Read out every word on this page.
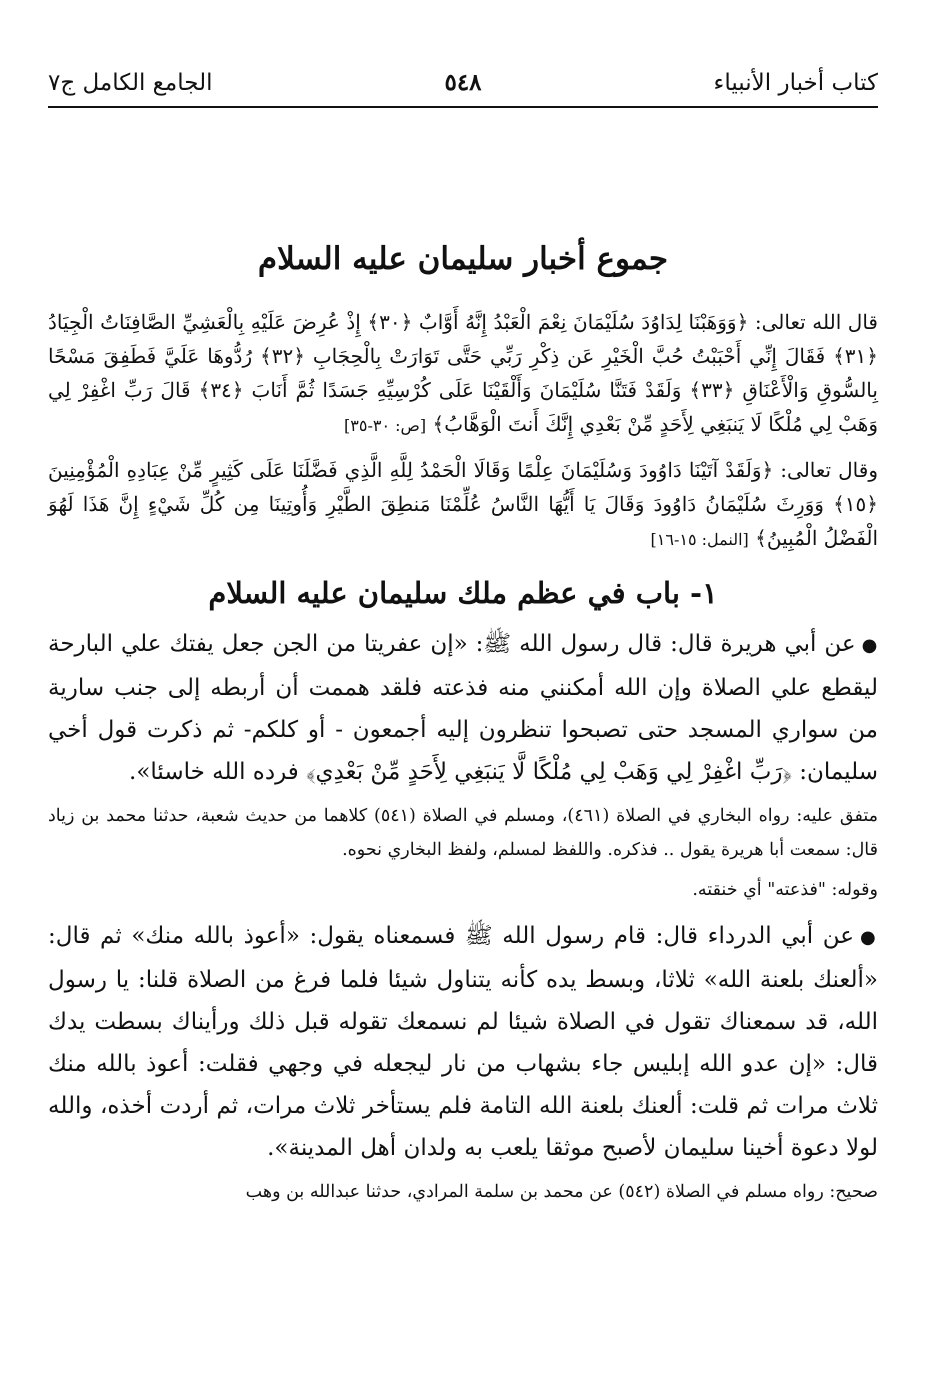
كتاب أخبار الأنبياء
٥٤٨
الجامع الكامل ج٧
جموع أخبار سليمان عليه السلام

قال الله تعالى: ﴿وَوَهَبْنَا لِدَاوُدَ سُلَيْمَانَ نِعْمَ الْعَبْدُ إِنَّهُ أَوَّابٌ ﴿٣٠﴾ إِذْ عُرِضَ عَلَيْهِ بِالْعَشِيِّ الصَّافِنَاتُ الْجِيَادُ ﴿٣١﴾ فَقَالَ إِنِّي أَحْبَبْتُ حُبَّ الْخَيْرِ عَن ذِكْرِ رَبِّي حَتَّى تَوَارَتْ بِالْحِجَابِ ﴿٣٢﴾ رُدُّوهَا عَلَيَّ فَطَفِقَ مَسْحًا بِالسُّوقِ وَالْأَعْنَاقِ ﴿٣٣﴾ وَلَقَدْ فَتَنَّا سُلَيْمَانَ وَأَلْقَيْنَا عَلَى كُرْسِيِّهِ جَسَدًا ثُمَّ أَنَابَ ﴿٣٤﴾ قَالَ رَبِّ اغْفِرْ لِي وَهَبْ لِي مُلْكًا لَا يَنبَغِي لِأَحَدٍ مِّنْ بَعْدِي إِنَّكَ أَنتَ الْوَهَّابُ﴾ [ص: ٣٠-٣٥]

وقال تعالى: ﴿وَلَقَدْ آتَيْنَا دَاوُودَ وَسُلَيْمَانَ عِلْمًا وَقَالَا الْحَمْدُ لِلَّهِ الَّذِي فَضَّلَنَا عَلَى كَثِيرٍ مِّنْ عِبَادِهِ الْمُؤْمِنِينَ ﴿١٥﴾ وَوَرِثَ سُلَيْمَانُ دَاوُودَ وَقَالَ يَا أَيُّهَا النَّاسُ عُلِّمْنَا مَنطِقَ الطَّيْرِ وَأُوتِينَا مِن كُلِّ شَيْءٍ إِنَّ هَذَا لَهُوَ الْفَضْلُ الْمُبِينُ﴾ [النمل: ١٥-١٦]

١- باب في عظم ملك سليمان عليه السلام

●عن أبي هريرة قال: قال رسول الله ﷺ: «إن عفريتا من الجن جعل يفتك علي البارحة ليقطع علي الصلاة وإن الله أمكنني منه فذعته فلقد هممت أن أربطه إلى جنب سارية من سواري المسجد حتى تصبحوا تنظرون إليه أجمعون - أو كلكم- ثم ذكرت قول أخي سليمان: ﴿رَبِّ اغْفِرْ لِي وَهَبْ لِي مُلْكًا لَّا يَنبَغِي لِأَحَدٍ مِّنْ بَعْدِي﴾ فرده الله خاسئا».

متفق عليه: رواه البخاري في الصلاة (٤٦١)، ومسلم في الصلاة (٥٤١) كلاهما من حديث شعبة، حدثنا محمد بن زياد قال: سمعت أبا هريرة يقول .. فذكره. واللفظ لمسلم، ولفظ البخاري نحوه.

وقوله: "فذعته" أي خنقته.

●عن أبي الدرداء قال: قام رسول الله ﷺ فسمعناه يقول: «أعوذ بالله منك» ثم قال: «ألعنك بلعنة الله» ثلاثا، وبسط يده كأنه يتناول شيئا فلما فرغ من الصلاة قلنا: يا رسول الله، قد سمعناك تقول في الصلاة شيئا لم نسمعك تقوله قبل ذلك ورأيناك بسطت يدك قال: «إن عدو الله إبليس جاء بشهاب من نار ليجعله في وجهي فقلت: أعوذ بالله منك ثلاث مرات ثم قلت: ألعنك بلعنة الله التامة فلم يستأخر ثلاث مرات، ثم أردت أخذه، والله لولا دعوة أخينا سليمان لأصبح موثقا يلعب به ولدان أهل المدينة».

صحيح: رواه مسلم في الصلاة (٥٤٢) عن محمد بن سلمة المرادي، حدثنا عبدالله بن وهب
